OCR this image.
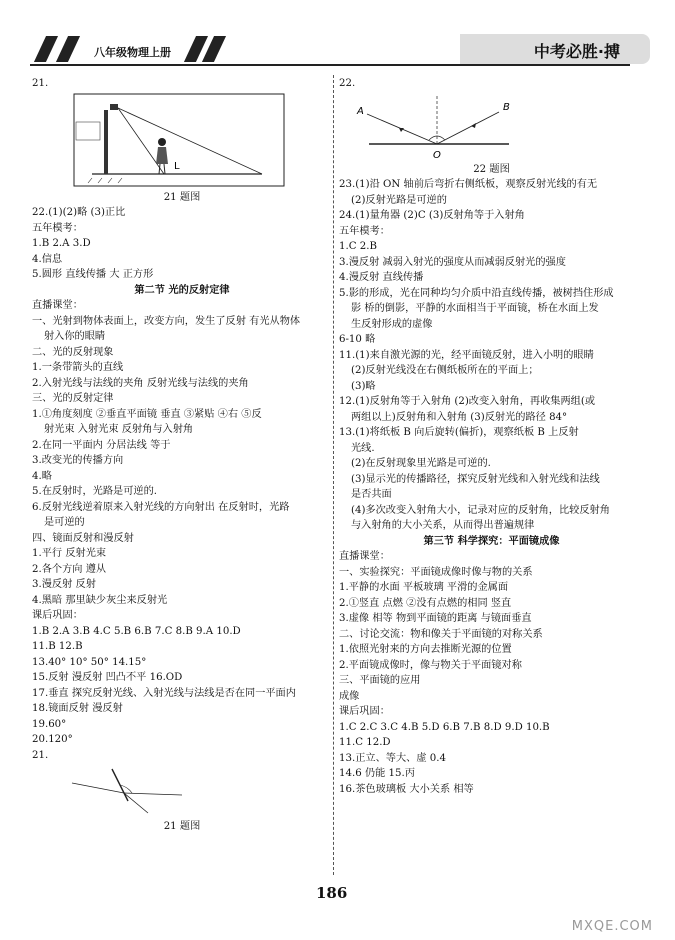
八年级物理上册	中考必胜·搏
21.
L
21 题图
22.(1)(2)略 (3)正比
五年模考：
1.B 2.A 3.D
4.信息
5.圆形 直线传播 大 正方形
第二节 光的反射定律
直播课堂：
一、光射到物体表面上，改变方向，发生了反射 有光从物体
射入你的眼睛
二、光的反射现象
1.一条带箭头的直线
2.入射光线与法线的夹角 反射光线与法线的夹角
三、光的反射定律
1.①角度刻度 ②垂直平面镜 垂直 ③紧贴 ④右 ⑤反
射光束 入射光束 反射角与入射角
2.在同一平面内 分居法线 等于
3.改变光的传播方向
4.略
5.在反射时，光路是可逆的.
6.反射光线逆着原来入射光线的方向射出 在反射时，光路
是可逆的
四、镜面反射和漫反射
1.平行 反射光束
2.各个方向 遵从
3.漫反射 反射
4.黑暗 那里缺少灰尘来反射光
课后巩固：
1.B 2.A 3.B 4.C 5.B 6.B 7.C 8.B 9.A 10.D
11.B 12.B
13.40° 10° 50° 14.15°
15.反射 漫反射 凹凸不平 16.OD
17.垂直 探究反射光线、入射光线与法线是否在同一平面内
18.镜面反射 漫反射
19.60°
20.120°
21.
21 题图
22.
A	B
O
22 题图
23.(1)沿 ON 轴前后弯折右侧纸板，观察反射光线的有无
(2)反射光路是可逆的
24.(1)量角器 (2)C (3)反射角等于入射角
五年模考：
1.C 2.B
3.漫反射 减弱入射光的强度从而减弱反射光的强度
4.漫反射 直线传播
5.影的形成，光在同种均匀介质中沿直线传播，被树挡住形成
影 桥的倒影，平静的水面相当于平面镜，桥在水面上发
生反射形成的虚像
6-10 略
11.(1)来自激光源的光，经平面镜反射，进入小明的眼睛
(2)反射光线没在右侧纸板所在的平面上；
(3)略
12.(1)反射角等于入射角 (2)改变入射角，再收集两组(或
两组以上)反射角和入射角 (3)反射光的路径 84°
13.(1)将纸板 B 向后旋转(偏折)，观察纸板 B 上反射
光线.
(2)在反射现象里光路是可逆的.
(3)显示光的传播路径，探究反射光线和入射光线和法线
是否共面
(4)多次改变入射角大小，记录对应的反射角，比较反射角
与入射角的大小关系，从而得出普遍规律
第三节 科学探究：平面镜成像
直播课堂：
一、实验探究：平面镜成像时像与物的关系
1.平静的水面 平板玻璃 平滑的金属面
2.①竖直 点燃 ②没有点燃的相同 竖直
3.虚像 相等 物到平面镜的距离 与镜面垂直
二、讨论交流：物和像关于平面镜的对称关系
1.依照光射来的方向去推断光源的位置
2.平面镜成像时，像与物关于平面镜对称
三、平面镜的应用
成像
课后巩固：
1.C 2.C 3.C 4.B 5.D 6.B 7.B 8.D 9.D 10.B
11.C 12.D
13.正立、等大、虚 0.4
14.6 仍能 15.丙
16.茶色玻璃板 大小关系 相等
186
MXQE.COM
